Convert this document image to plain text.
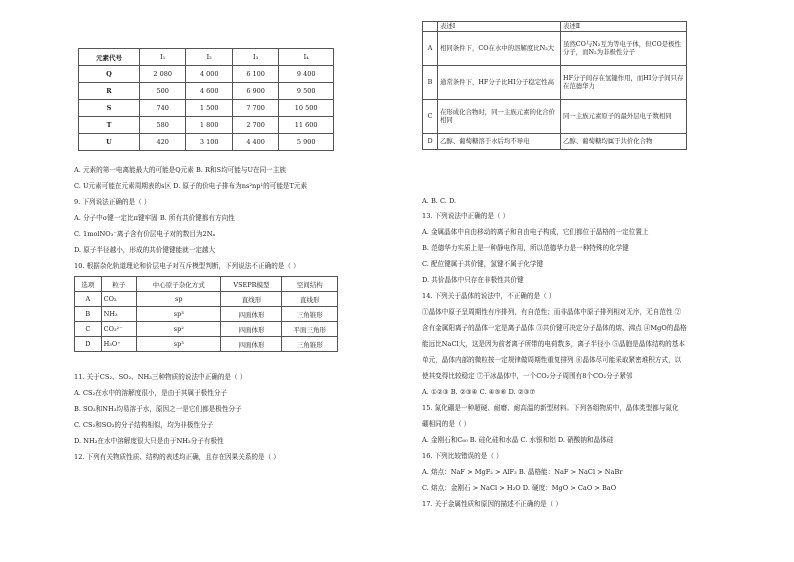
元素代号	I₁	I₂	I₃	I₄
Q	2 080	4 000	6 100	9 400
R	500	4 600	6 900	9 500
S	740	1 500	7 700	10 500
T	580	1 800	2 700	11 600
U	420	3 100	4 400	5 900
A. 元素的第一电离能最大的可能是Q元素 B. R和S均可能与U在同一主族
C. U元素可能在元素周期表的s区 D. 原子的价电子排布为ns²np¹的可能是T元素
9. 下列说法正确的是（ ）
A. 分子中σ键一定比π键牢固 B. 所有共价键都有方向性
C. 1molNO₃⁻离子含有价层电子对的数目为2Nₐ
D. 原子半径越小，形成的共价键键能就一定越大
10. 根据杂化轨道理论和价层电子对互斥模型判断，下列说法不正确的是（ ）
选项	粒子	中心原子杂化方式	VSEPR模型	空间结构
A	CO₂	sp	直线形	直线形
B	NH₃	sp³	四面体形	三角锥形
C	CO₃²⁻	sp²	四面体形	平面三角形
D	H₃O⁺	sp³	四面体形	三角锥形
11. 关于CS₂、SO₂、NH₃三种物质的说法中正确的是（ ）
A. CS₂在水中的溶解度很小，是由于其属于极性分子
B. SO₂和NH₃均易溶于水，原因之一是它们都是极性分子
C. CS₂和SO₂的分子结构相似，均为非极性分子
D. NH₃在水中溶解度很大只是由于NH₃分子有极性
12. 下列有关物质性质、结构的表述均正确，且存在因果关系的是（ ）
	表述Ⅰ	表述Ⅱ
A	相同条件下，CO在水中的溶解度比N₂大	虽然CO与N₂互为等电子体，但CO是极性分子，而N₂为非极性分子
B	通常条件下，HF分子比HI分子稳定性高	HF分子间存在氢键作用，而HI分子间只存在范德华力
C	在形成化合物时，同一主族元素的化合价相同	同一主族元素原子的最外层电子数相同
D	乙醇、葡萄糖溶于水后均不导电	乙醇、葡萄糖均属于共价化合物
A. B. C. D.
13. 下列说法中正确的是（ ）
A. 金属晶体中自由移动的离子和自由电子构成，它们都位于晶格的一定位置上
B. 范德华力实质上是一种静电作用，所以范德华力是一种特殊的化学键
C. 配位键属于共价键，氢键不属于化学键
D. 共价晶体中只存在非极性共价键
14. 下列关于晶体的说法中，不正确的是（ ）
①晶体中原子呈周期性有序排列，有自范性；而非晶体中原子排列相对无序，无自范性 ②
含有金属阳离子的晶体一定是离子晶体 ③共价键可决定分子晶体的熔、沸点 ④MgO的晶格
能远比NaCl大，这是因为前者离子所带的电荷数多，离子半径小 ⑤晶胞是晶体结构的基本
单元，晶体内部的微粒按一定规律做周期性重复排列 ⑥晶体尽可能采取紧密堆积方式，以
使其变得比较稳定 ⑦干冰晶体中，一个CO₂分子周围有8个CO₂分子紧邻
A. ①②③ B. ②③④ C. ④⑤⑥ D. ②③⑦
15. 氮化硼是一种超硬、耐磨、耐高温的新型材料。下列各组物质中，晶体类型都与氮化
硼相同的是（ ）
A. 金刚石和C₆₀ B. 硅化硅和水晶 C. 水银和铝 D. 硝酸钠和晶体硅
16. 下列比较错误的是（ ）
A. 熔点：NaF > MgF₂ > AlF₃ B. 晶格能：NaF > NaCl > NaBr
C. 熔点：金刚石 > NaCl > H₂O D. 硬度：MgO > CaO > BaO
17. 关于金属性质和原因的描述不正确的是（ ）
